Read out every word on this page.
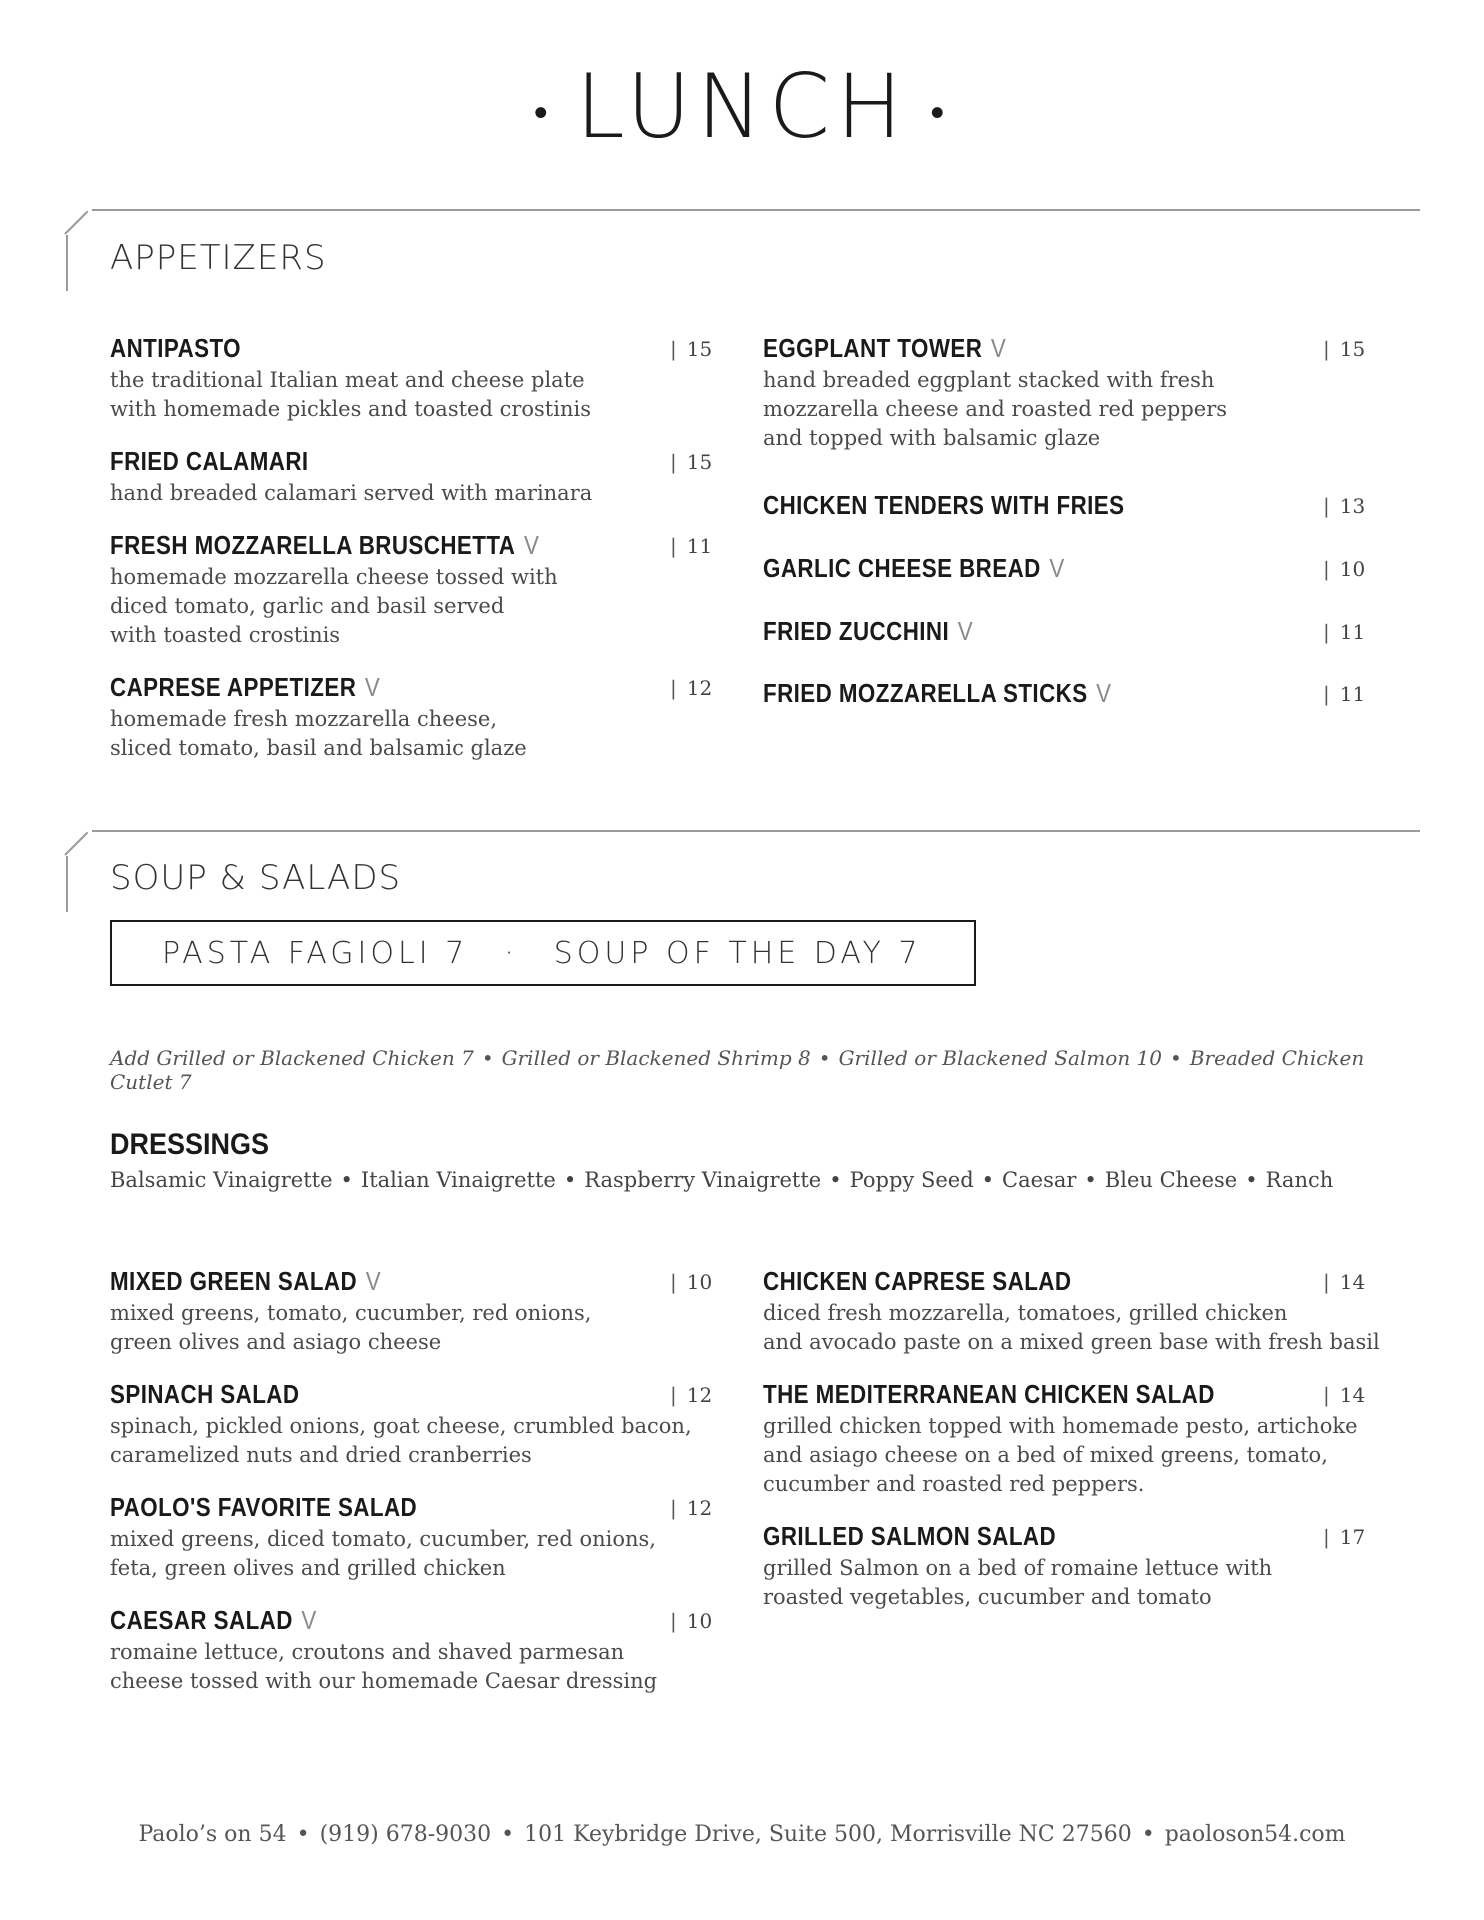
• LUNCH •
APPETIZERS
ANTIPASTO	| 15
the traditional Italian meat and cheese plate
with homemade pickles and toasted crostinis
FRIED CALAMARI	| 15
hand breaded calamari served with marinara
FRESH MOZZARELLA BRUSCHETTA V	| 11
homemade mozzarella cheese tossed with
diced tomato, garlic and basil served
with toasted crostinis
CAPRESE APPETIZER V	| 12
homemade fresh mozzarella cheese,
sliced tomato, basil and balsamic glaze
EGGPLANT TOWER V	| 15
hand breaded eggplant stacked with fresh
mozzarella cheese and roasted red peppers
and topped with balsamic glaze
CHICKEN TENDERS WITH FRIES	| 13
GARLIC CHEESE BREAD V	| 10
FRIED ZUCCHINI V	| 11
FRIED MOZZARELLA STICKS V	| 11
SOUP & SALADS
PASTA FAGIOLI 7 · SOUP OF THE DAY 7
Add Grilled or Blackened Chicken 7 • Grilled or Blackened Shrimp 8 • Grilled or Blackened Salmon 10 • Breaded Chicken Cutlet 7
DRESSINGS
Balsamic Vinaigrette • Italian Vinaigrette • Raspberry Vinaigrette • Poppy Seed • Caesar • Bleu Cheese • Ranch
MIXED GREEN SALAD V	| 10
mixed greens, tomato, cucumber, red onions,
green olives and asiago cheese
SPINACH SALAD	| 12
spinach, pickled onions, goat cheese, crumbled bacon,
caramelized nuts and dried cranberries
PAOLO'S FAVORITE SALAD	| 12
mixed greens, diced tomato, cucumber, red onions,
feta, green olives and grilled chicken
CAESAR SALAD V	| 10
romaine lettuce, croutons and shaved parmesan
cheese tossed with our homemade Caesar dressing
CHICKEN CAPRESE SALAD	| 14
diced fresh mozzarella, tomatoes, grilled chicken
and avocado paste on a mixed green base with fresh basil
THE MEDITERRANEAN CHICKEN SALAD	| 14
grilled chicken topped with homemade pesto, artichoke
and asiago cheese on a bed of mixed greens, tomato,
cucumber and roasted red peppers.
GRILLED SALMON SALAD	| 17
grilled Salmon on a bed of romaine lettuce with
roasted vegetables, cucumber and tomato
Paolo’s on 54 • (919) 678-9030 • 101 Keybridge Drive, Suite 500, Morrisville NC 27560 • paoloson54.com
